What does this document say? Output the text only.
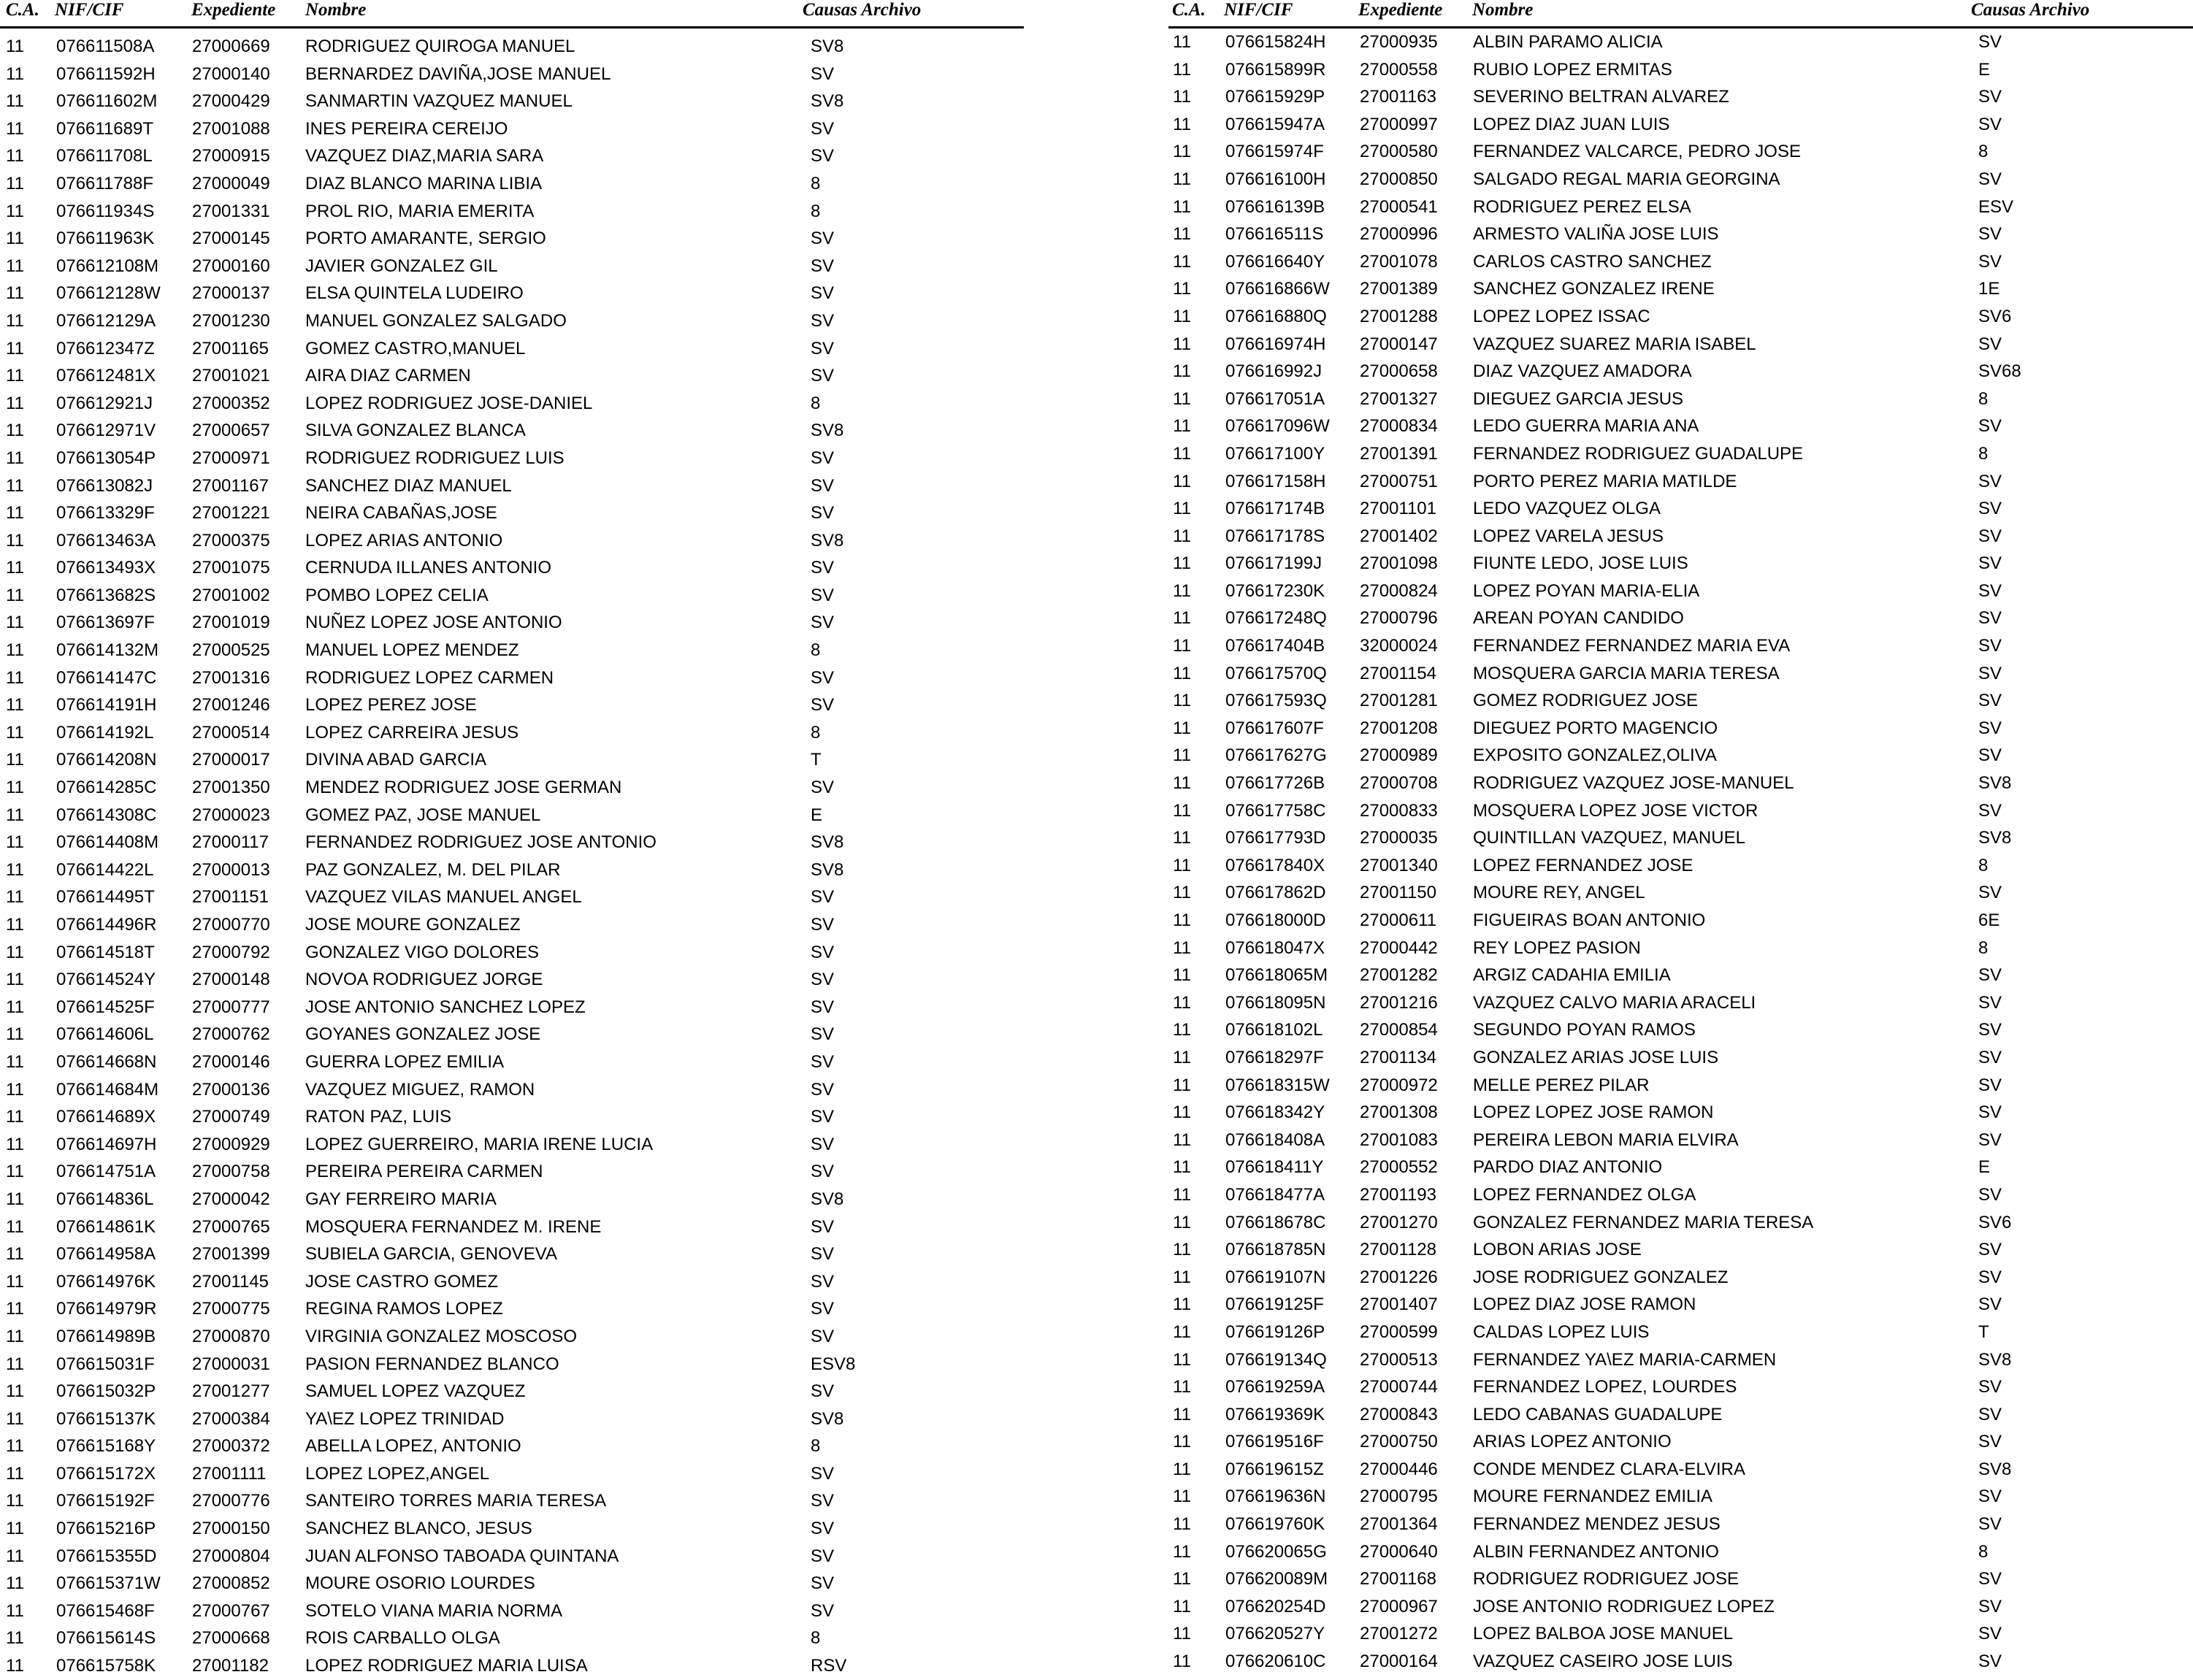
C.A. NIF/CIF	Expediente Nombre	Causas Archivo
11 076611508A 27000669 RODRIGUEZ QUIROGA MANUEL	SV8
11 076611592H 27000140 BERNARDEZ DAVIÑA,JOSE MANUEL	SV
11 076611602M 27000429 SANMARTIN VAZQUEZ MANUEL	SV8
11 076611689T 27001088 INES PEREIRA CEREIJO	SV
11 076611708L 27000915 VAZQUEZ DIAZ,MARIA SARA	SV
11 076611788F 27000049 DIAZ BLANCO MARINA LIBIA	8
11 076611934S 27001331 PROL RIO, MARIA EMERITA	8
11 076611963K 27000145 PORTO AMARANTE, SERGIO	SV
11 076612108M 27000160 JAVIER GONZALEZ GIL	SV
11 076612128W 27000137 ELSA QUINTELA LUDEIRO	SV
11 076612129A 27001230 MANUEL GONZALEZ SALGADO	SV
11 076612347Z 27001165 GOMEZ CASTRO,MANUEL	SV
11 076612481X 27001021 AIRA DIAZ CARMEN	SV
11 076612921J 27000352 LOPEZ RODRIGUEZ JOSE-DANIEL	8
11 076612971V 27000657 SILVA GONZALEZ BLANCA	SV8
11 076613054P 27000971 RODRIGUEZ RODRIGUEZ LUIS	SV
11 076613082J 27001167 SANCHEZ DIAZ MANUEL	SV
11 076613329F 27001221 NEIRA CABAÑAS,JOSE	SV
11 076613463A 27000375 LOPEZ ARIAS ANTONIO	SV8
11 076613493X 27001075 CERNUDA ILLANES ANTONIO	SV
11 076613682S 27001002 POMBO LOPEZ CELIA	SV
11 076613697F 27001019 NUÑEZ LOPEZ JOSE ANTONIO	SV
11 076614132M 27000525 MANUEL LOPEZ MENDEZ	8
11 076614147C 27001316 RODRIGUEZ LOPEZ CARMEN	SV
11 076614191H 27001246 LOPEZ PEREZ JOSE	SV
11 076614192L 27000514 LOPEZ CARREIRA JESUS	8
11 076614208N 27000017 DIVINA ABAD GARCIA	T
11 076614285C 27001350 MENDEZ RODRIGUEZ JOSE GERMAN	SV
11 076614308C 27000023 GOMEZ PAZ, JOSE MANUEL	E
11 076614408M 27000117 FERNANDEZ RODRIGUEZ JOSE ANTONIO	SV8
11 076614422L 27000013 PAZ GONZALEZ, M. DEL PILAR	SV8
11 076614495T 27001151 VAZQUEZ VILAS MANUEL ANGEL	SV
11 076614496R 27000770 JOSE MOURE GONZALEZ	SV
11 076614518T 27000792 GONZALEZ VIGO DOLORES	SV
11 076614524Y 27000148 NOVOA RODRIGUEZ JORGE	SV
11 076614525F 27000777 JOSE ANTONIO SANCHEZ LOPEZ	SV
11 076614606L 27000762 GOYANES GONZALEZ JOSE	SV
11 076614668N 27000146 GUERRA LOPEZ EMILIA	SV
11 076614684M 27000136 VAZQUEZ MIGUEZ, RAMON	SV
11 076614689X 27000749 RATON PAZ, LUIS	SV
11 076614697H 27000929 LOPEZ GUERREIRO, MARIA IRENE LUCIA	SV
11 076614751A 27000758 PEREIRA PEREIRA CARMEN	SV
11 076614836L 27000042 GAY FERREIRO MARIA	SV8
11 076614861K 27000765 MOSQUERA FERNANDEZ M. IRENE	SV
11 076614958A 27001399 SUBIELA GARCIA, GENOVEVA	SV
11 076614976K 27001145 JOSE CASTRO GOMEZ	SV
11 076614979R 27000775 REGINA RAMOS LOPEZ	SV
11 076614989B 27000870 VIRGINIA GONZALEZ MOSCOSO	SV
11 076615031F 27000031 PASION FERNANDEZ BLANCO	ESV8
11 076615032P 27001277 SAMUEL LOPEZ VAZQUEZ	SV
11 076615137K 27000384 YA\EZ LOPEZ TRINIDAD	SV8
11 076615168Y 27000372 ABELLA LOPEZ, ANTONIO	8
11 076615172X 27001111 LOPEZ LOPEZ,ANGEL	SV
11 076615192F 27000776 SANTEIRO TORRES MARIA TERESA	SV
11 076615216P 27000150 SANCHEZ BLANCO, JESUS	SV
11 076615355D 27000804 JUAN ALFONSO TABOADA QUINTANA	SV
11 076615371W 27000852 MOURE OSORIO LOURDES	SV
11 076615468F 27000767 SOTELO VIANA MARIA NORMA	SV
11 076615614S 27000668 ROIS CARBALLO OLGA	8
11 076615758K 27001182 LOPEZ RODRIGUEZ MARIA LUISA	RSV
C.A. NIF/CIF	Expediente Nombre	Causas Archivo
11 076615824H 27000935 ALBIN PARAMO ALICIA	SV
11 076615899R 27000558 RUBIO LOPEZ ERMITAS	E
11 076615929P 27001163 SEVERINO BELTRAN ALVAREZ	SV
11 076615947A 27000997 LOPEZ DIAZ JUAN LUIS	SV
11 076615974F 27000580 FERNANDEZ VALCARCE, PEDRO JOSE	8
11 076616100H 27000850 SALGADO REGAL MARIA GEORGINA	SV
11 076616139B 27000541 RODRIGUEZ PEREZ ELSA	ESV
11 076616511S 27000996 ARMESTO VALIÑA JOSE LUIS	SV
11 076616640Y 27001078 CARLOS CASTRO SANCHEZ	SV
11 076616866W 27001389 SANCHEZ GONZALEZ IRENE	1E
11 076616880Q 27001288 LOPEZ LOPEZ ISSAC	SV6
11 076616974H 27000147 VAZQUEZ SUAREZ MARIA ISABEL	SV
11 076616992J 27000658 DIAZ VAZQUEZ AMADORA	SV68
11 076617051A 27001327 DIEGUEZ GARCIA JESUS	8
11 076617096W 27000834 LEDO GUERRA MARIA ANA	SV
11 076617100Y 27001391 FERNANDEZ RODRIGUEZ GUADALUPE	8
11 076617158H 27000751 PORTO PEREZ MARIA MATILDE	SV
11 076617174B 27001101 LEDO VAZQUEZ OLGA	SV
11 076617178S 27001402 LOPEZ VARELA JESUS	SV
11 076617199J 27001098 FIUNTE LEDO, JOSE LUIS	SV
11 076617230K 27000824 LOPEZ POYAN MARIA-ELIA	SV
11 076617248Q 27000796 AREAN POYAN CANDIDO	SV
11 076617404B 32000024 FERNANDEZ FERNANDEZ MARIA EVA	SV
11 076617570Q 27001154 MOSQUERA GARCIA MARIA TERESA	SV
11 076617593Q 27001281 GOMEZ RODRIGUEZ JOSE	SV
11 076617607F 27001208 DIEGUEZ PORTO MAGENCIO	SV
11 076617627G 27000989 EXPOSITO GONZALEZ,OLIVA	SV
11 076617726B 27000708 RODRIGUEZ VAZQUEZ JOSE-MANUEL	SV8
11 076617758C 27000833 MOSQUERA LOPEZ JOSE VICTOR	SV
11 076617793D 27000035 QUINTILLAN VAZQUEZ, MANUEL	SV8
11 076617840X 27001340 LOPEZ FERNANDEZ JOSE	8
11 076617862D 27001150 MOURE REY, ANGEL	SV
11 076618000D 27000611 FIGUEIRAS BOAN ANTONIO	6E
11 076618047X 27000442 REY LOPEZ PASION	8
11 076618065M 27001282 ARGIZ CADAHIA EMILIA	SV
11 076618095N 27001216 VAZQUEZ CALVO MARIA ARACELI	SV
11 076618102L 27000854 SEGUNDO POYAN RAMOS	SV
11 076618297F 27001134 GONZALEZ ARIAS JOSE LUIS	SV
11 076618315W 27000972 MELLE PEREZ PILAR	SV
11 076618342Y 27001308 LOPEZ LOPEZ JOSE RAMON	SV
11 076618408A 27001083 PEREIRA LEBON MARIA ELVIRA	SV
11 076618411Y 27000552 PARDO DIAZ ANTONIO	E
11 076618477A 27001193 LOPEZ FERNANDEZ OLGA	SV
11 076618678C 27001270 GONZALEZ FERNANDEZ MARIA TERESA	SV6
11 076618785N 27001128 LOBON ARIAS JOSE	SV
11 076619107N 27001226 JOSE RODRIGUEZ GONZALEZ	SV
11 076619125F 27001407 LOPEZ DIAZ JOSE RAMON	SV
11 076619126P 27000599 CALDAS LOPEZ LUIS	T
11 076619134Q 27000513 FERNANDEZ YA\EZ MARIA-CARMEN	SV8
11 076619259A 27000744 FERNANDEZ LOPEZ, LOURDES	SV
11 076619369K 27000843 LEDO CABANAS GUADALUPE	SV
11 076619516F 27000750 ARIAS LOPEZ ANTONIO	SV
11 076619615Z 27000446 CONDE MENDEZ CLARA-ELVIRA	SV8
11 076619636N 27000795 MOURE FERNANDEZ EMILIA	SV
11 076619760K 27001364 FERNANDEZ MENDEZ JESUS	SV
11 076620065G 27000640 ALBIN FERNANDEZ ANTONIO	8
11 076620089M 27001168 RODRIGUEZ RODRIGUEZ JOSE	SV
11 076620254D 27000967 JOSE ANTONIO RODRIGUEZ LOPEZ	SV
11 076620527Y 27001272 LOPEZ BALBOA JOSE MANUEL	SV
11 076620610C 27000164 VAZQUEZ CASEIRO JOSE LUIS	SV
